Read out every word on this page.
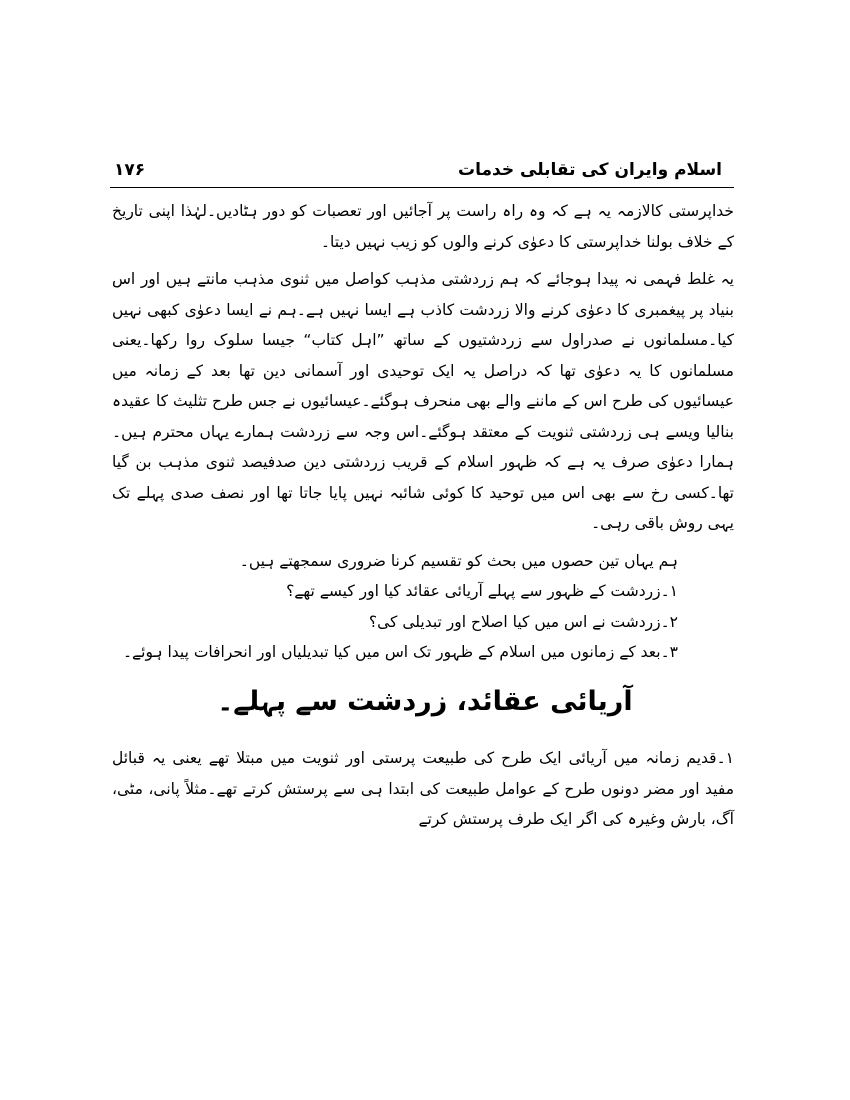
اسلام وایران کی تقابلی خدمات
۱۷۶

خداپرستی کالازمہ یہ ہے کہ وہ راہ راست پر آجائیں اور تعصبات کو دور ہٹادیں۔لہٰذا اپنی تاریخ کے خلاف بولنا خداپرستی کا دعوٰی کرنے والوں کو زیب نہیں دیتا۔

یہ غلط فہمی نہ پیدا ہوجائے کہ ہم زردشتی مذہب کواصل میں ثنوی مذہب مانتے ہیں اور اس بنیاد پر پیغمبری کا دعوٰی کرنے والا زردشت کاذب ہے ایسا نہیں ہے۔ہم نے ایسا دعوٰی کبھی نہیں کیا۔مسلمانوں نے صدراول سے زردشتیوں کے ساتھ ”اہل کتاب“ جیسا سلوک روا رکھا۔یعنی مسلمانوں کا یہ دعوٰی تھا کہ دراصل یہ ایک توحیدی اور آسمانی دین تھا بعد کے زمانہ میں عیسائیوں کی طرح اس کے ماننے والے بھی منحرف ہوگئے۔عیسائیوں نے جس طرح تثلیث کا عقیدہ بنالیا ویسے ہی زردشتی ثنویت کے معتقد ہوگئے۔اس وجہ سے زردشت ہمارے یہاں محترم ہیں۔ہمارا دعوٰی صرف یہ ہے کہ ظہور اسلام کے قریب زردشتی دین صدفیصد ثنوی مذہب بن گیا تھا۔کسی رخ سے بھی اس میں توحید کا کوئی شائبہ نہیں پایا جاتا تھا اور نصف صدی پہلے تک یہی روش باقی رہی۔

ہم یہاں تین حصوں میں بحث کو تقسیم کرنا ضروری سمجھتے ہیں۔
۱۔زردشت کے ظہور سے پہلے آریائی عقائد کیا اور کیسے تھے؟
۲۔زردشت نے اس میں کیا اصلاح اور تبدیلی کی؟
۳۔بعد کے زمانوں میں اسلام کے ظہور تک اس میں کیا تبدیلیاں اور انحرافات پیدا ہوئے۔
آریائی عقائد، زردشت سے پہلے۔

۱۔قدیم زمانہ میں آریائی ایک طرح کی طبیعت پرستی اور ثنویت میں مبتلا تھے یعنی یہ قبائل مفید اور مضر دونوں طرح کے عوامل طبیعت کی ابتدا ہی سے پرستش کرتے تھے۔مثلاً پانی، مٹی، آگ، بارش وغیرہ کی اگر ایک طرف پرستش کرتے
